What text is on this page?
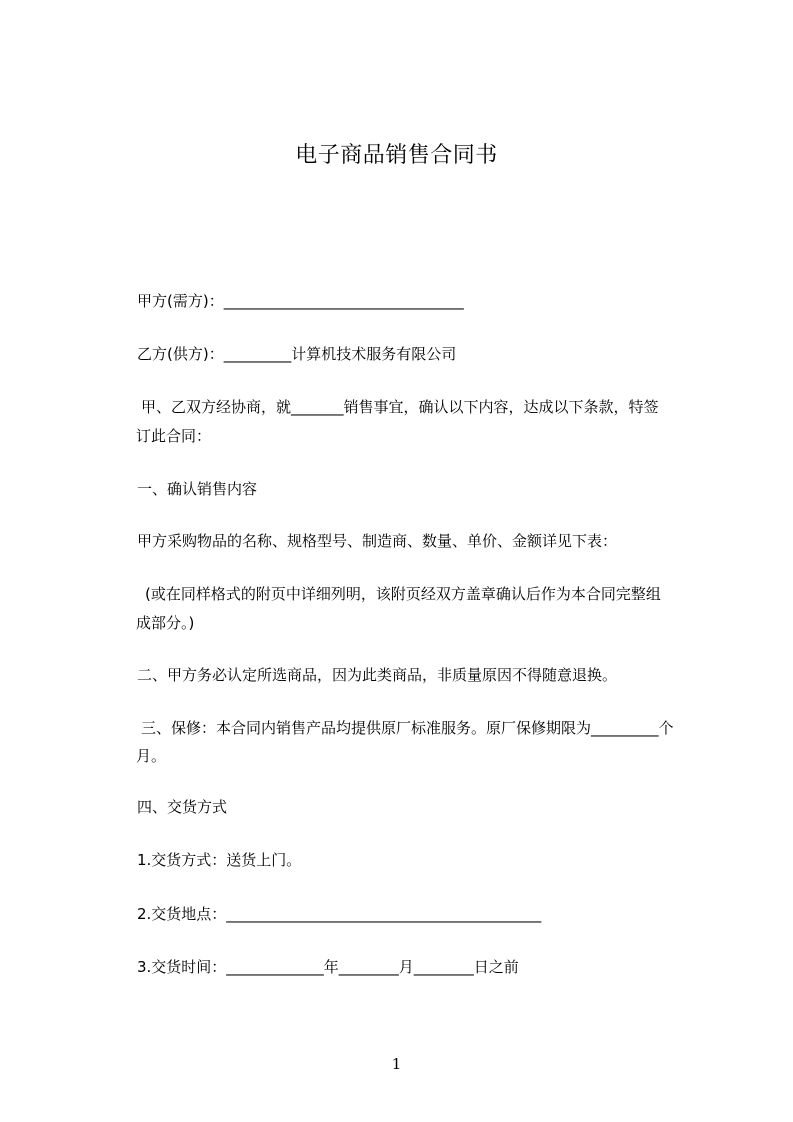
电子商品销售合同书
甲方(需方)：________________________________
乙方(供方)：_________计算机技术服务有限公司
甲、乙双方经协商，就_______销售事宜，确认以下内容，达成以下条款，特签
订此合同：
一、确认销售内容
甲方采购物品的名称、规格型号、制造商、数量、单价、金额详见下表：
(或在同样格式的附页中详细列明，该附页经双方盖章确认后作为本合同完整组
成部分。)
二、甲方务必认定所选商品，因为此类商品，非质量原因不得随意退换。
三、保修：本合同内销售产品均提供原厂标准服务。原厂保修期限为_________个
月。
四、交货方式
1.交货方式：送货上门。
2.交货地点：__________________________________________
3.交货时间：_____________年________月________日之前
1
